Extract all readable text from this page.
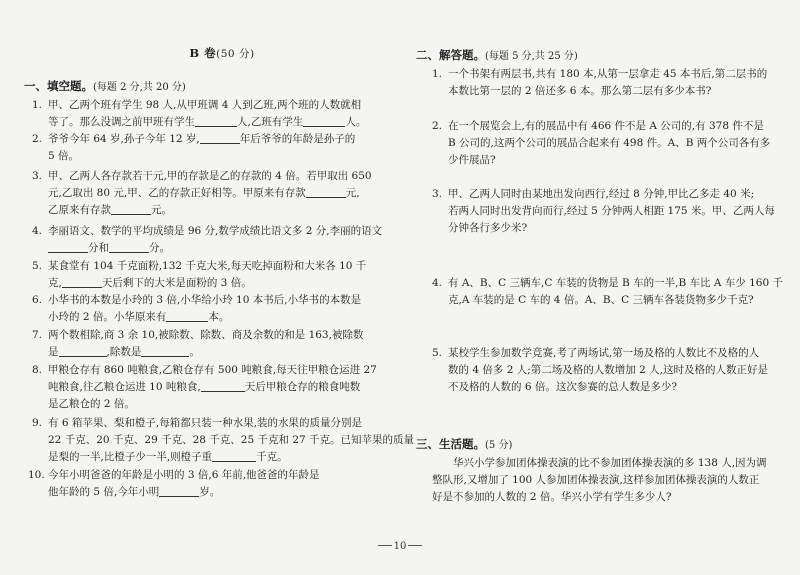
B 卷(50 分)
一、填空题。(每题 2 分,共 20 分)
1. 甲、乙两个班有学生 98 人,从甲班调 4 人到乙班,两个班的人数就相
等了。那么没调之前甲班有学生	人,乙班有学生	人。
2. 爷爷今年 64 岁,孙子今年 12 岁,	年后爷爷的年龄是孙子的
5 倍。
3. 甲、乙两人各存款若干元,甲的存款是乙的存款的 4 倍。若甲取出 650
元,乙取出 80 元,甲、乙的存款正好相等。甲原来有存款	元,
乙原来有存款	元。
4. 李丽语文、数学的平均成绩是 96 分,数学成绩比语文多 2 分,李丽的语文
分和	分。
5. 某食堂有 104 千克面粉,132 千克大米,每天吃掉面粉和大米各 10 千
克,	天后剩下的大米是面粉的 3 倍。
6. 小华书的本数是小玲的 3 倍,小华给小玲 10 本书后,小华书的本数是
小玲的 2 倍。小华原来有	本。
7. 两个数相除,商 3 余 10,被除数、除数、商及余数的和是 163,被除数
是	,除数是	。
8. 甲粮仓存有 860 吨粮食,乙粮仓存有 500 吨粮食,每天往甲粮仓运进 27
吨粮食,往乙粮仓运进 10 吨粮食,	天后甲粮仓存的粮食吨数
是乙粮仓的 2 倍。
9. 有 6 箱苹果、梨和橙子,每箱都只装一种水果,装的水果的质量分别是
22 千克、20 千克、29 千克、28 千克、25 千克和 27 千克。已知苹果的质量
是梨的一半,比橙子少一半,则橙子重	千克。
10. 今年小明爸爸的年龄是小明的 3 倍,6 年前,他爸爸的年龄是
他年龄的 5 倍,今年小明	岁。
二、解答题。(每题 5 分,共 25 分)
1. 一个书架有两层书,共有 180 本,从第一层拿走 45 本书后,第二层书的
本数比第一层的 2 倍还多 6 本。那么第二层有多少本书?
2. 在一个展览会上,有的展品中有 466 件不是 A 公司的,有 378 件不是
B 公司的,这两个公司的展品合起来有 498 件。A、B 两个公司各有多
少件展品?
3. 甲、乙两人同时由某地出发向西行,经过 8 分钟,甲比乙多走 40 米;
若两人同时出发背向而行,经过 5 分钟两人相距 175 米。甲、乙两人每
分钟各行多少米?
4. 有 A、B、C 三辆车,C 车装的货物是 B 车的一半,B 车比 A 车少 160 千
克,A 车装的是 C 车的 4 倍。A、B、C 三辆车各装货物多少千克?
5. 某校学生参加数学竞赛,考了两场试,第一场及格的人数比不及格的人
数的 4 倍多 2 人;第二场及格的人数增加 2 人,这时及格的人数正好是
不及格的人数的 6 倍。这次参赛的总人数是多少?
三、生活题。(5 分)
华兴小学参加团体操表演的比不参加团体操表演的多 138 人,因为调
整队形,又增加了 100 人参加团体操表演,这样参加团体操表演的人数正
好是不参加的人数的 2 倍。华兴小学有学生多少人?
10
